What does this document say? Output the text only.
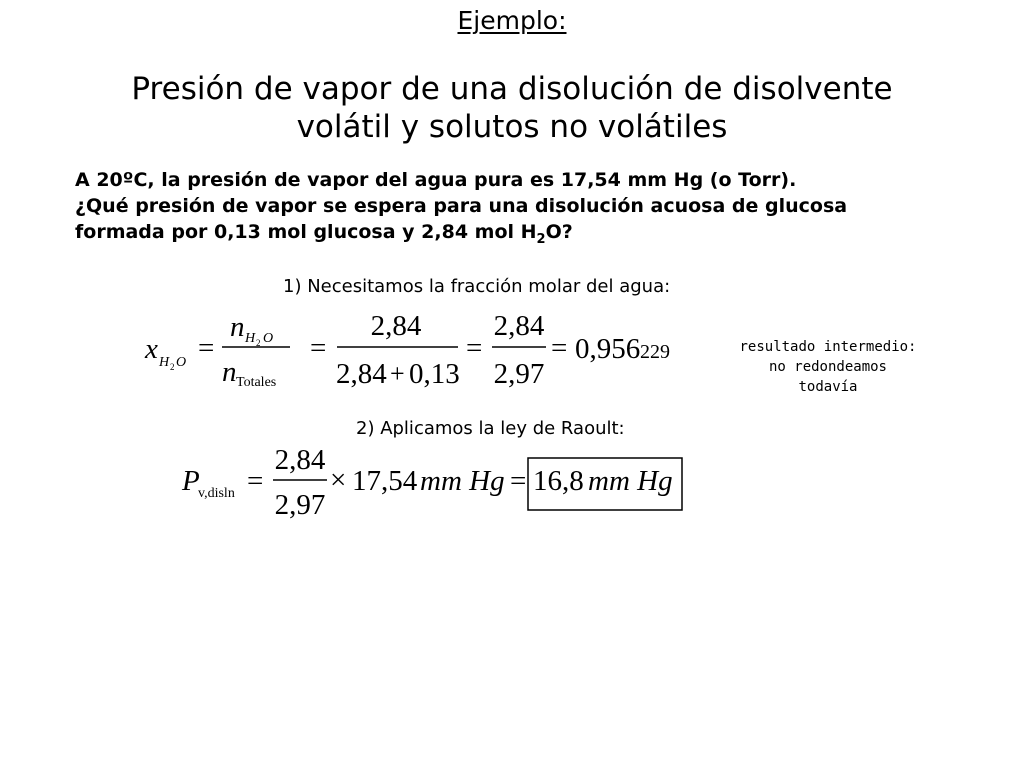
Ejemplo:
Presión de vapor de una disolución de disolvente
volátil y solutos no volátiles
A 20ºC, la presión de vapor del agua pura es 17,54 mm Hg (o Torr).
¿Qué presión de vapor se espera para una disolución acuosa de glucosa
formada por 0,13 mol glucosa y 2,84 mol $H_2O$?
1) Necesitamos la fracción molar del agua:
x H 2 O =
n H 2 O
n Totales
=
2,84
2,84 + 0,13
=
2,84
2,97
= 0,956 229	resultado intermedio:
no redondeamos
todavía
2) Aplicamos la ley de Raoult:
P
v,disln =
2,84
2,97
× 17,54 mm Hg = 16,8 mm Hg
